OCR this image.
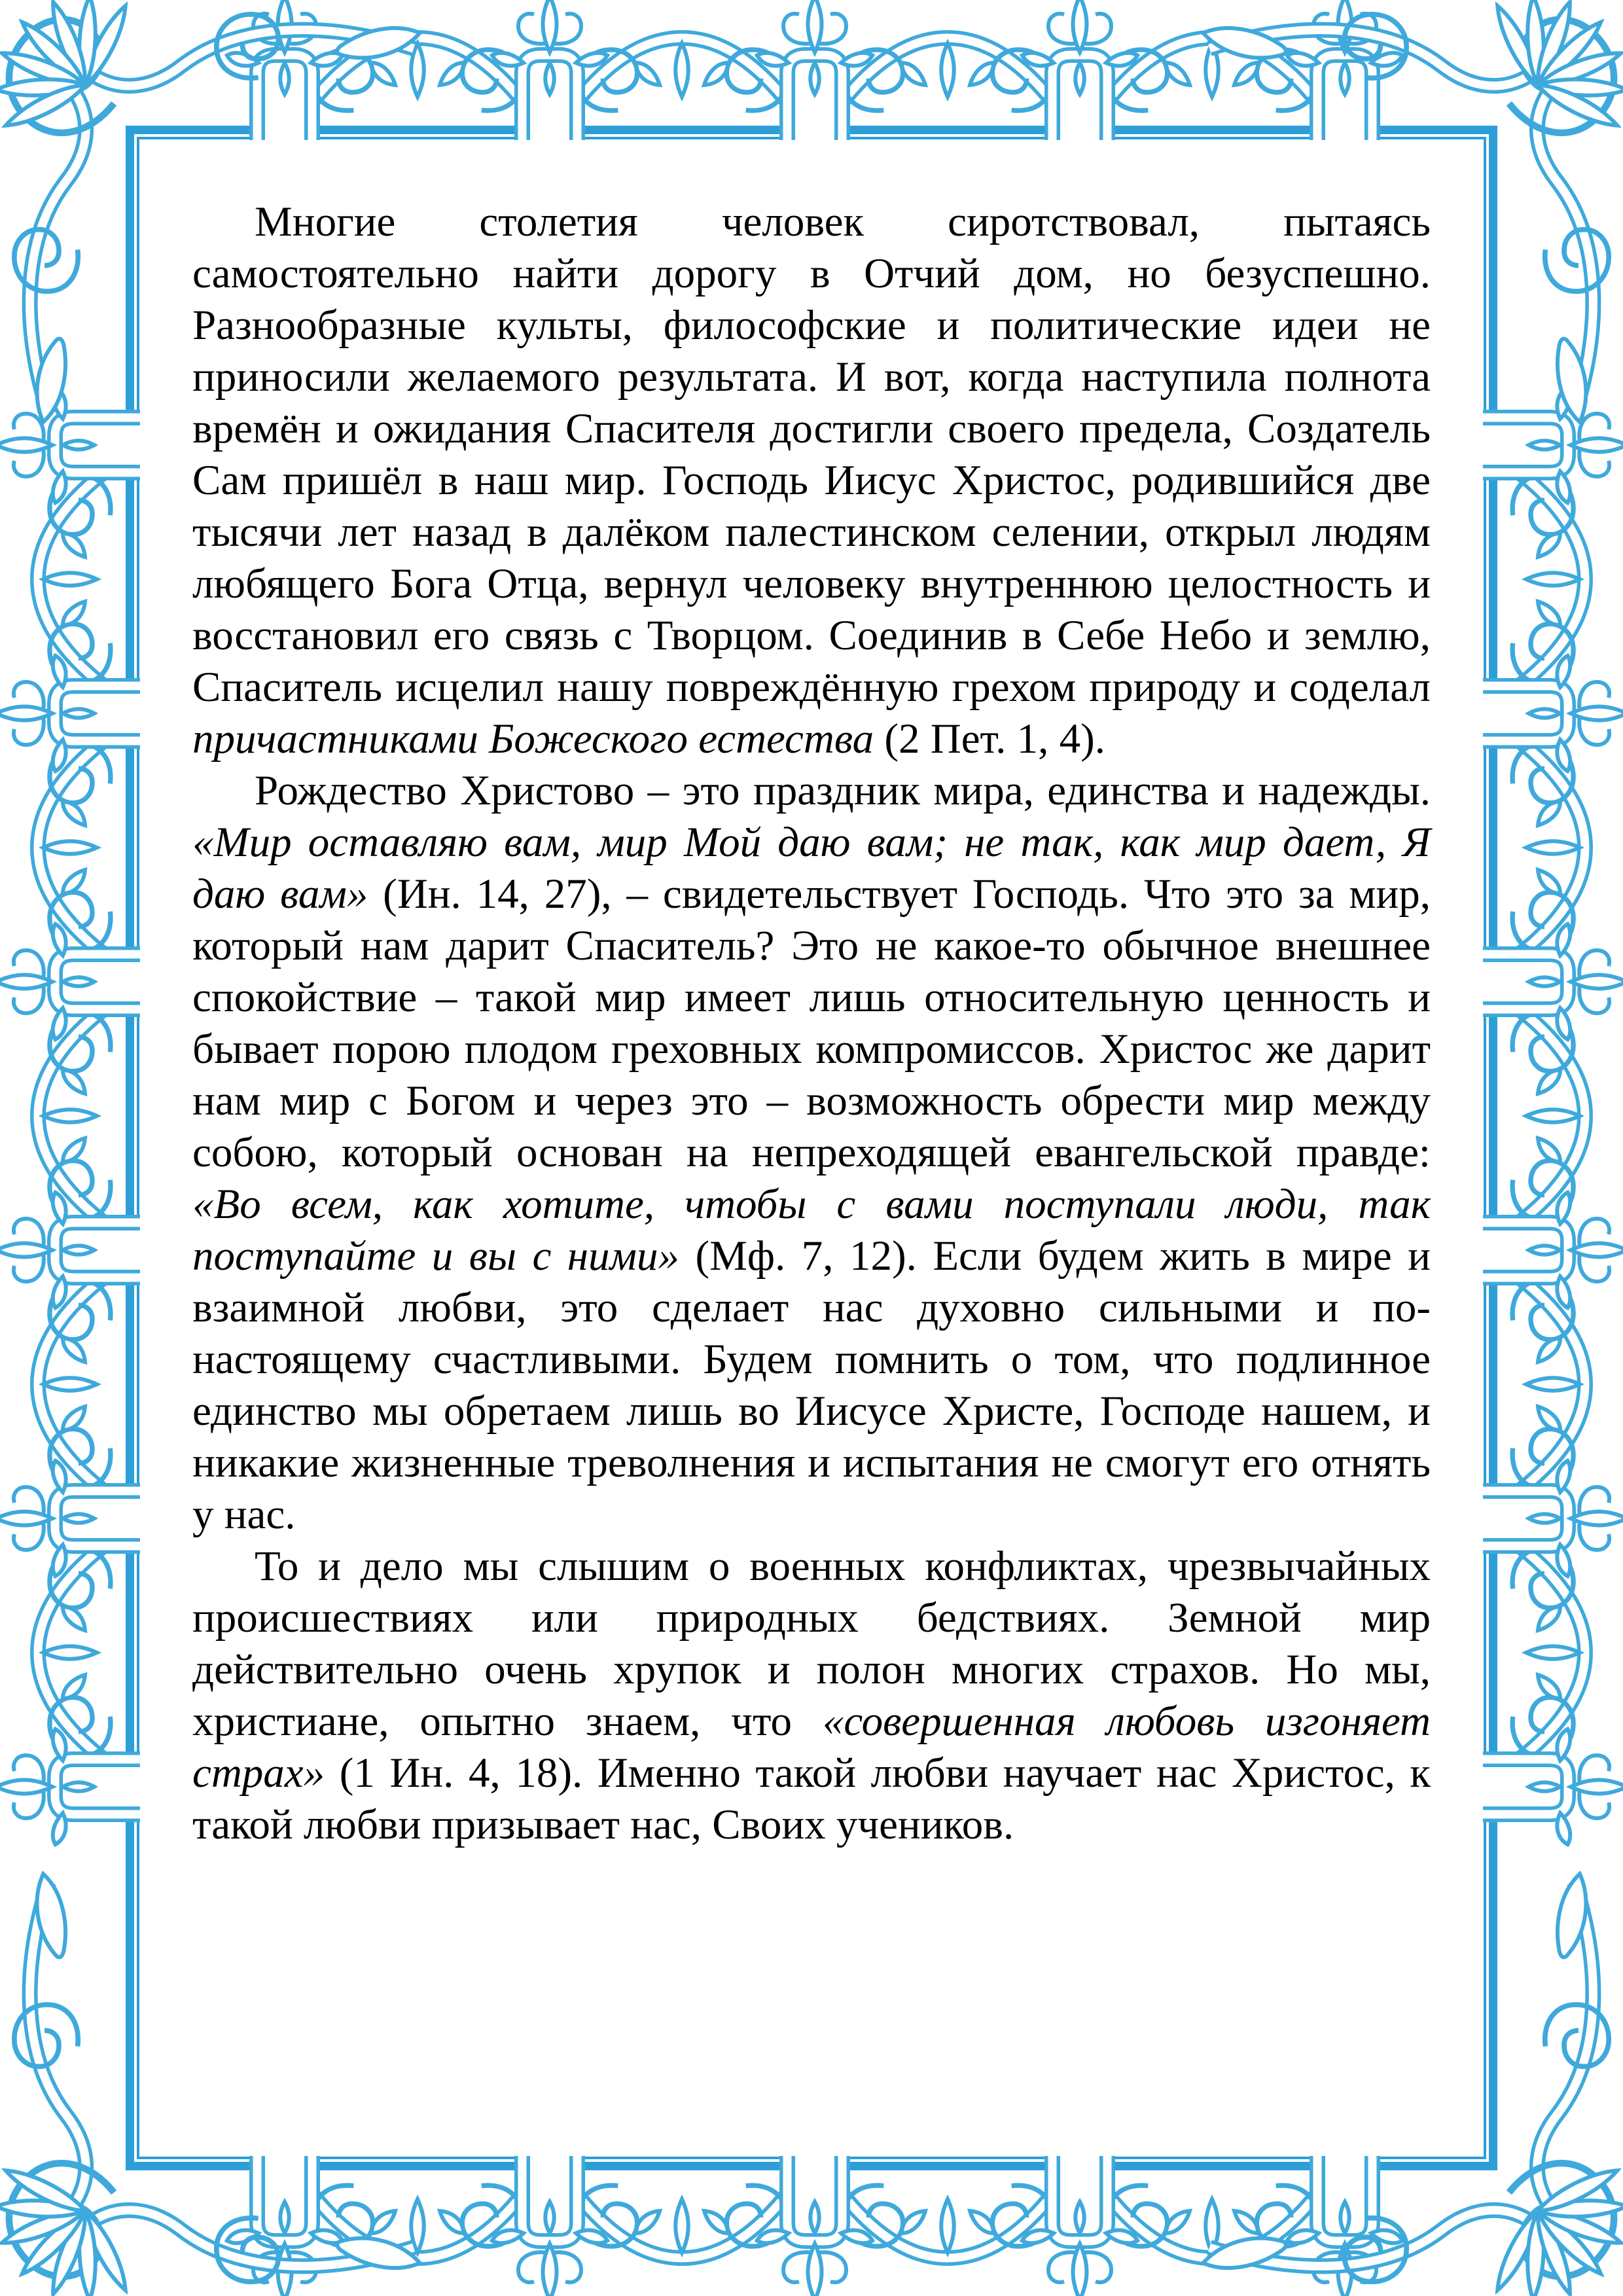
Многие столетия человек сиротствовал, пытаясь самостоятельно найти дорогу в Отчий дом, но безуспешно. Разнообразные культы, философские и политические идеи не приносили желаемого результата. И вот, когда наступила полнота времён и ожидания Спасителя достигли своего предела, Создатель Сам пришёл в наш мир. Господь Иисус Христос, родившийся две тысячи лет назад в далёком палестинском селении, открыл людям любящего Бога Отца, вернул человеку внутреннюю целостность и восстановил его связь с Творцом. Соединив в Себе Небо и землю, Спаситель исцелил нашу повреждённую грехом природу и соделал причастниками Божеского естества (2 Пет. 1, 4).

Рождество Христово – это праздник мира, единства и надежды. «Мир оставляю вам, мир Мой даю вам; не так, как мир дает, Я даю вам» (Ин. 14, 27), – свидетельствует Господь. Что это за мир, который нам дарит Спаситель? Это не какое-то обычное внешнее спокойствие – такой мир имеет лишь относительную ценность и бывает порою плодом греховных компромиссов. Христос же дарит нам мир с Богом и через это – возможность обрести мир между собою, который основан на непреходящей евангельской правде: «Во всем, как хотите, чтобы с вами поступали люди, так поступайте и вы с ними» (Мф. 7, 12). Если будем жить в мире и взаимной любви, это сделает нас духовно сильными и по-настоящему счастливыми. Будем помнить о том, что подлинное единство мы обретаем лишь во Иисусе Христе, Господе нашем, и никакие жизненные треволнения и испытания не смогут его отнять у нас.

То и дело мы слышим о военных конфликтах, чрезвычайных происшествиях или природных бедствиях. Земной мир действительно очень хрупок и полон многих страхов. Но мы, христиане, опытно знаем, что «совершенная любовь изгоняет страх» (1 Ин. 4, 18). Именно такой любви научает нас Христос, к такой любви призывает нас, Своих учеников.
